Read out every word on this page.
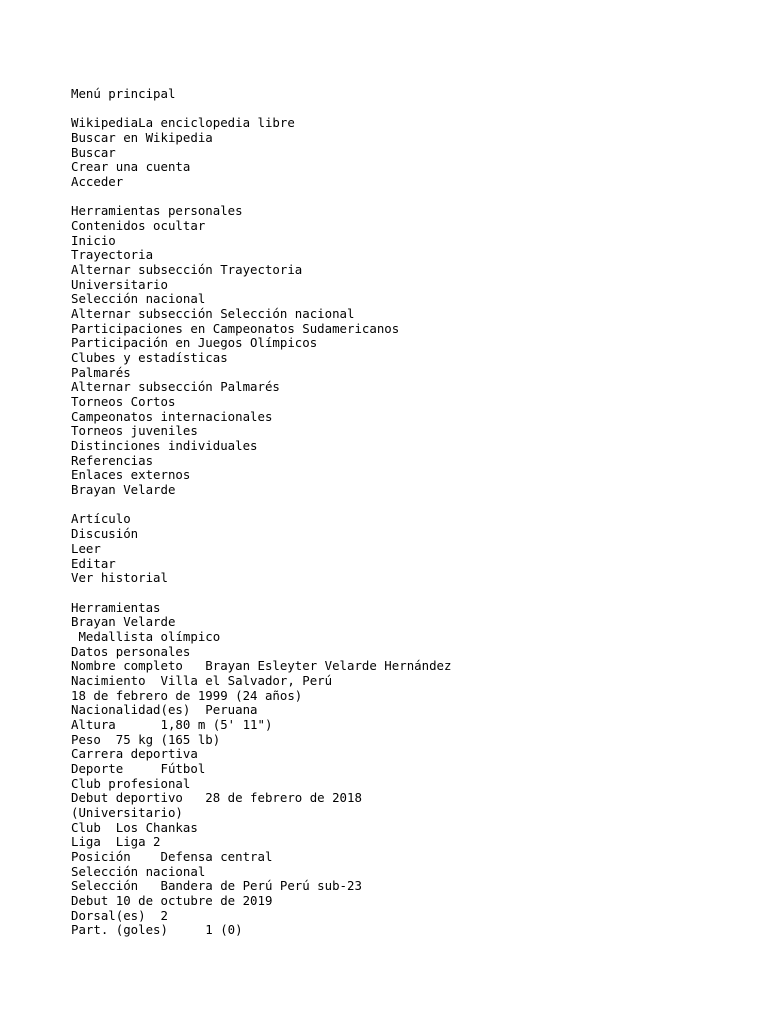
Menú principal
WikipediaLa enciclopedia libre
Buscar en Wikipedia
Buscar
Crear una cuenta
Acceder
Herramientas personales
Contenidos ocultar
Inicio
Trayectoria
Alternar subsección Trayectoria
Universitario
Selección nacional
Alternar subsección Selección nacional
Participaciones en Campeonatos Sudamericanos
Participación en Juegos Olímpicos
Clubes y estadísticas
Palmarés
Alternar subsección Palmarés
Torneos Cortos
Campeonatos internacionales
Torneos juveniles
Distinciones individuales
Referencias
Enlaces externos
Brayan Velarde
Artículo
Discusión
Leer
Editar
Ver historial
Herramientas
Brayan Velarde
Medallista olímpico
Datos personales
Nombre completo   Brayan Esleyter Velarde Hernández
Nacimiento  Villa el Salvador, Perú
18 de febrero de 1999 (24 años)
Nacionalidad(es)  Peruana
Altura      1,80 m (5' 11")
Peso  75 kg (165 lb)
Carrera deportiva
Deporte     Fútbol
Club profesional
Debut deportivo   28 de febrero de 2018
(Universitario)
Club  Los Chankas
Liga  Liga 2
Posición    Defensa central
Selección nacional
Selección   Bandera de Perú Perú sub-23
Debut 10 de octubre de 2019
Dorsal(es)  2
Part. (goles)     1 (0)
